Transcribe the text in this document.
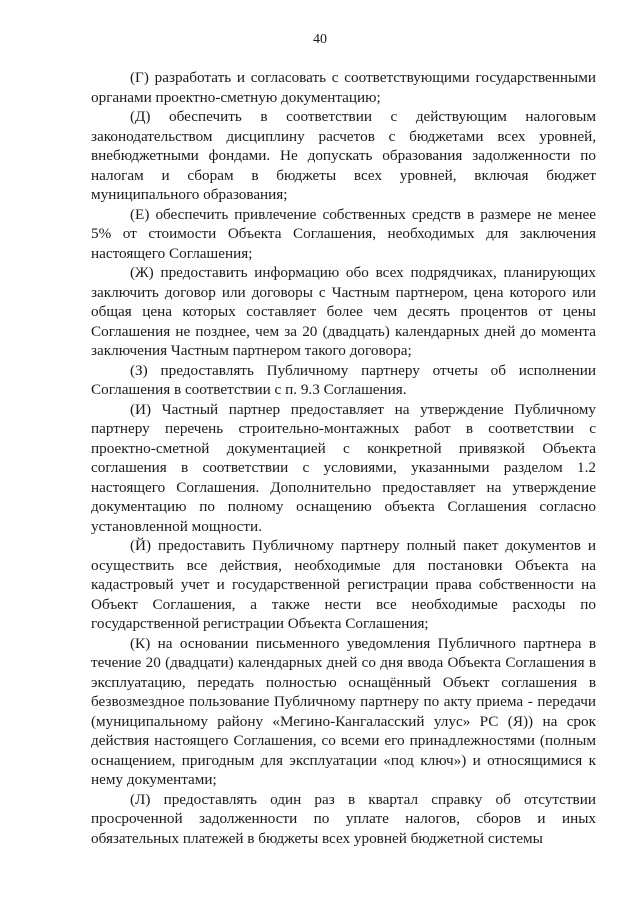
40

(Г) разработать и согласовать с соответствующими государственными органами проектно-сметную документацию;

(Д) обеспечить в соответствии с действующим налоговым законодательством дисциплину расчетов с бюджетами всех уровней, внебюджетными фондами. Не допускать образования задолженности по налогам и сборам в бюджеты всех уровней, включая бюджет муниципального образования;

(Е) обеспечить привлечение собственных средств в размере не менее 5% от стоимости Объекта Соглашения, необходимых для заключения настоящего Соглашения;

(Ж) предоставить информацию обо всех подрядчиках, планирующих заключить договор или договоры с Частным партнером, цена которого или общая цена которых составляет более чем десять процентов от цены Соглашения не позднее, чем за 20 (двадцать) календарных дней до момента заключения Частным партнером такого договора;

(З) предоставлять Публичному партнеру отчеты об исполнении Соглашения в соответствии с п. 9.3 Соглашения.

(И) Частный партнер предоставляет на утверждение Публичному партнеру перечень строительно-монтажных работ в соответствии с проектно-сметной документацией с конкретной привязкой Объекта соглашения в соответствии с условиями, указанными разделом 1.2 настоящего Соглашения. Дополнительно предоставляет на утверждение документацию по полному оснащению объекта Соглашения согласно установленной мощности.

(Й) предоставить Публичному партнеру полный пакет документов и осуществить все действия, необходимые для постановки Объекта на кадастровый учет и государственной регистрации права собственности на Объект Соглашения, а также нести все необходимые расходы по государственной регистрации Объекта Соглашения;

(К) на основании письменного уведомления Публичного партнера в течение 20 (двадцати) календарных дней со дня ввода Объекта Соглашения в эксплуатацию, передать полностью оснащённый Объект соглашения в безвозмездное пользование Публичному партнеру по акту приема - передачи (муниципальному району «Мегино-Кангаласский улус» РС (Я)) на срок действия настоящего Соглашения, со всеми его принадлежностями (полным оснащением, пригодным для эксплуатации «под ключ») и относящимися к нему документами;

(Л) предоставлять один раз в квартал справку об отсутствии просроченной задолженности по уплате налогов, сборов и иных обязательных платежей в бюджеты всех уровней бюджетной системы
